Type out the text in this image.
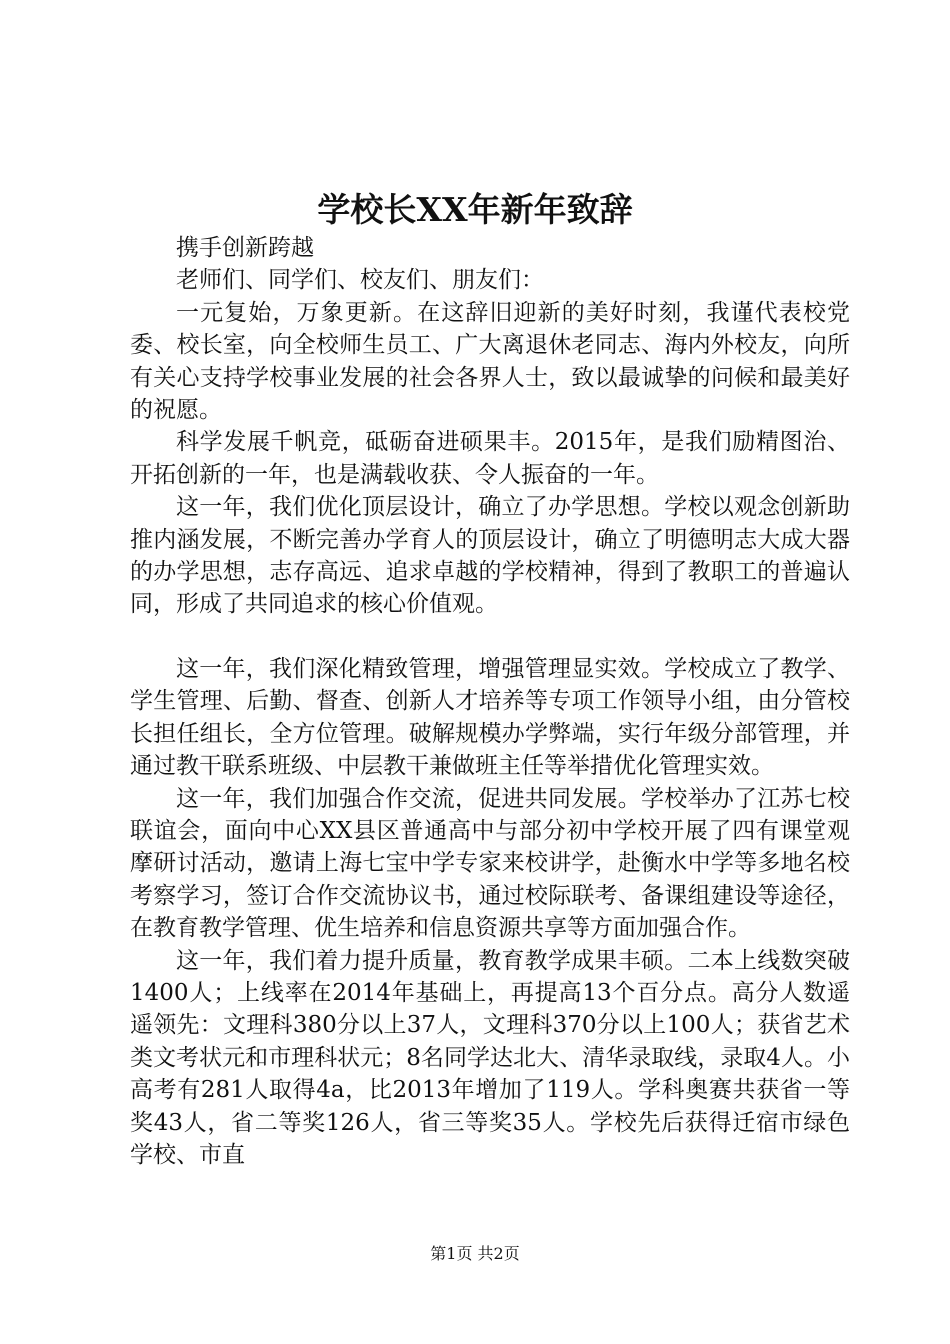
学校长XX年新年致辞

携手创新跨越

老师们、同学们、校友们、朋友们：

一元复始，万象更新。在这辞旧迎新的美好时刻，我谨代表校党委、校长室，向全校师生员工、广大离退休老同志、海内外校友，向所有关心支持学校事业发展的社会各界人士，致以最诚挚的问候和最美好的祝愿。

科学发展千帆竞，砥砺奋进硕果丰。2015年，是我们励精图治、开拓创新的一年，也是满载收获、令人振奋的一年。

这一年，我们优化顶层设计，确立了办学思想。学校以观念创新助推内涵发展，不断完善办学育人的顶层设计，确立了明德明志大成大器的办学思想，志存高远、追求卓越的学校精神，得到了教职工的普遍认同，形成了共同追求的核心价值观。

这一年，我们深化精致管理，增强管理显实效。学校成立了教学、学生管理、后勤、督查、创新人才培养等专项工作领导小组，由分管校长担任组长，全方位管理。破解规模办学弊端，实行年级分部管理，并通过教干联系班级、中层教干兼做班主任等举措优化管理实效。

这一年，我们加强合作交流，促进共同发展。学校举办了江苏七校联谊会，面向中心XX县区普通高中与部分初中学校开展了四有课堂观摩研讨活动，邀请上海七宝中学专家来校讲学，赴衡水中学等多地名校考察学习，签订合作交流协议书，通过校际联考、备课组建设等途径，在教育教学管理、优生培养和信息资源共享等方面加强合作。

这一年，我们着力提升质量，教育教学成果丰硕。二本上线数突破1400人；上线率在2014年基础上，再提高13个百分点。高分人数遥遥领先：文理科380分以上37人，文理科370分以上100人；获省艺术类文考状元和市理科状元；8名同学达北大、清华录取线，录取4人。小高考有281人取得4a，比2013年增加了119人。学科奥赛共获省一等奖43人，省二等奖126人，省三等奖35人。学校先后获得迁宿市绿色学校、市直

第1页 共2页
